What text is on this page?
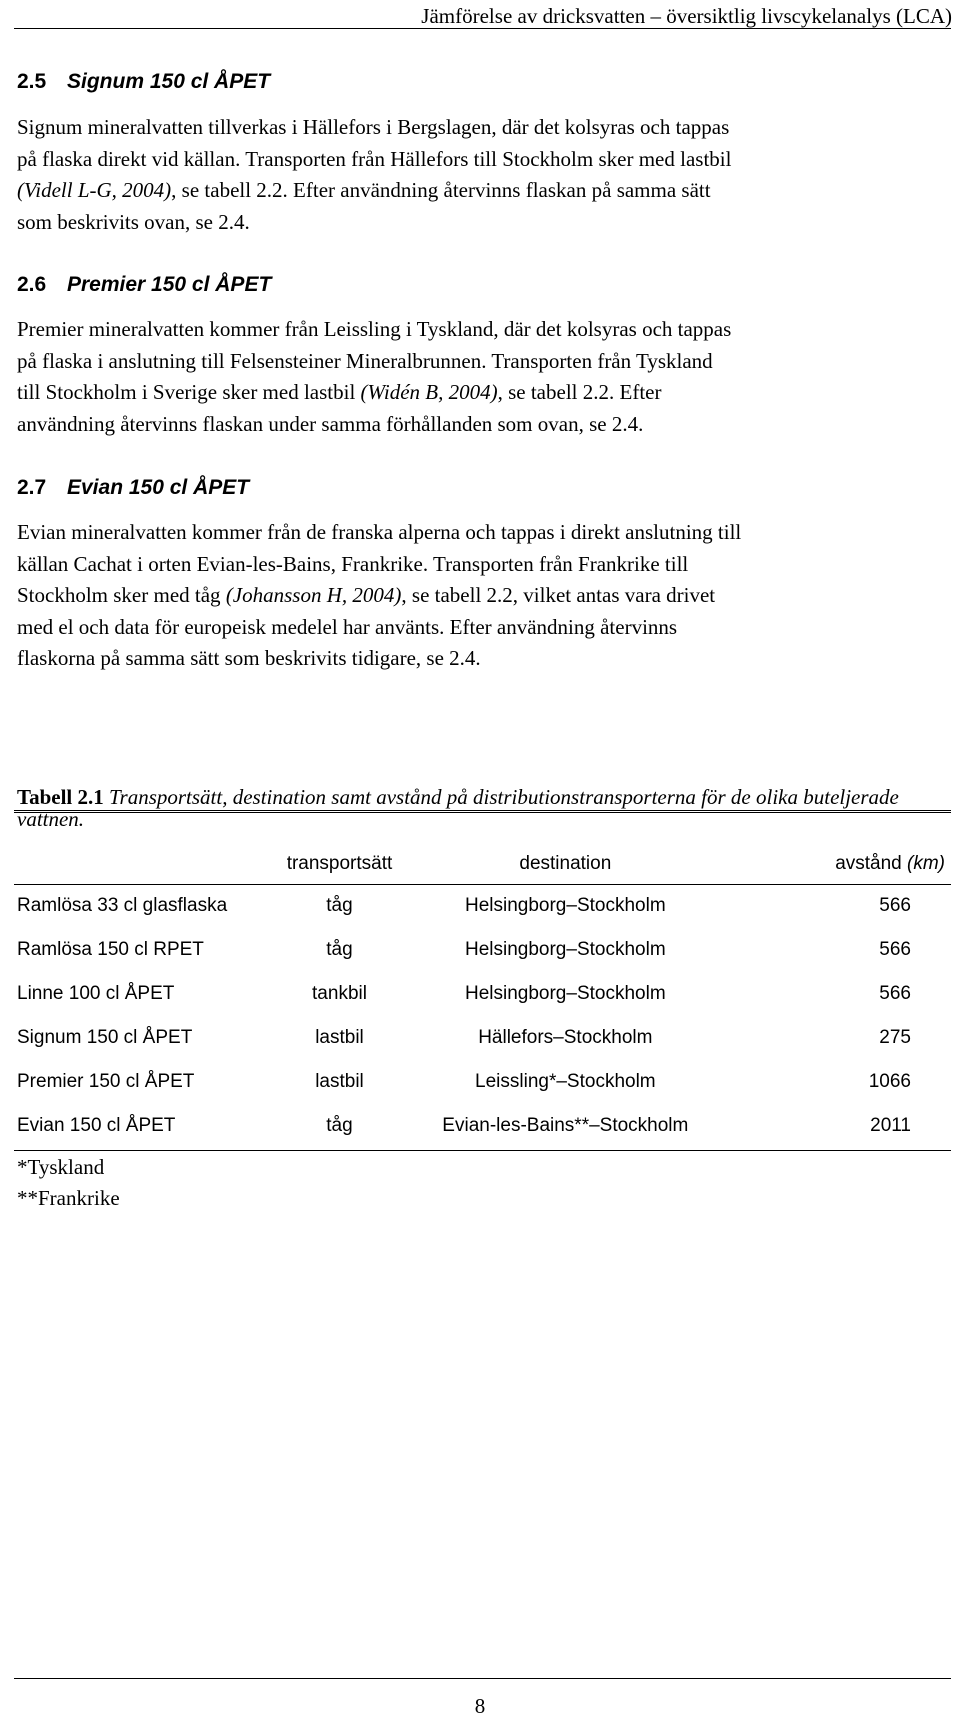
Jämförelse av dricksvatten – översiktlig livscykelanalys (LCA)
2.5 Signum 150 cl ÅPET
Signum mineralvatten tillverkas i Hällefors i Bergslagen, där det kolsyras och tappas
på flaska direkt vid källan. Transporten från Hällefors till Stockholm sker med lastbil
(Videll L-G, 2004), se tabell 2.2. Efter användning återvinns flaskan på samma sätt
som beskrivits ovan, se 2.4.
2.6 Premier 150 cl ÅPET
Premier mineralvatten kommer från Leissling i Tyskland, där det kolsyras och tappas
på flaska i anslutning till Felsensteiner Mineralbrunnen. Transporten från Tyskland
till Stockholm i Sverige sker med lastbil (Widén B, 2004), se tabell 2.2. Efter
användning återvinns flaskan under samma förhållanden som ovan, se 2.4.
2.7 Evian 150 cl ÅPET
Evian mineralvatten kommer från de franska alperna och tappas i direkt anslutning till
källan Cachat i orten Evian-les-Bains, Frankrike. Transporten från Frankrike till
Stockholm sker med tåg (Johansson H, 2004), se tabell 2.2, vilket antas vara drivet
med el och data för europeisk medelel har använts. Efter användning återvinns
flaskorna på samma sätt som beskrivits tidigare, se 2.4.
Tabell 2.1 Transportsätt, destination samt avstånd på distributionstransporterna för de olika buteljerade vattnen.
	transportsätt	destination	avstånd (km)
Ramlösa 33 cl glasflaska	tåg	Helsingborg–Stockholm	566
Ramlösa 150 cl RPET	tåg	Helsingborg–Stockholm	566
Linne 100 cl ÅPET	tankbil	Helsingborg–Stockholm	566
Signum 150 cl ÅPET	lastbil	Hällefors–Stockholm	275
Premier 150 cl ÅPET	lastbil	Leissling*–Stockholm	1066
Evian 150 cl ÅPET	tåg	Evian-les-Bains**–Stockholm	2011
*Tyskland
**Frankrike
8
